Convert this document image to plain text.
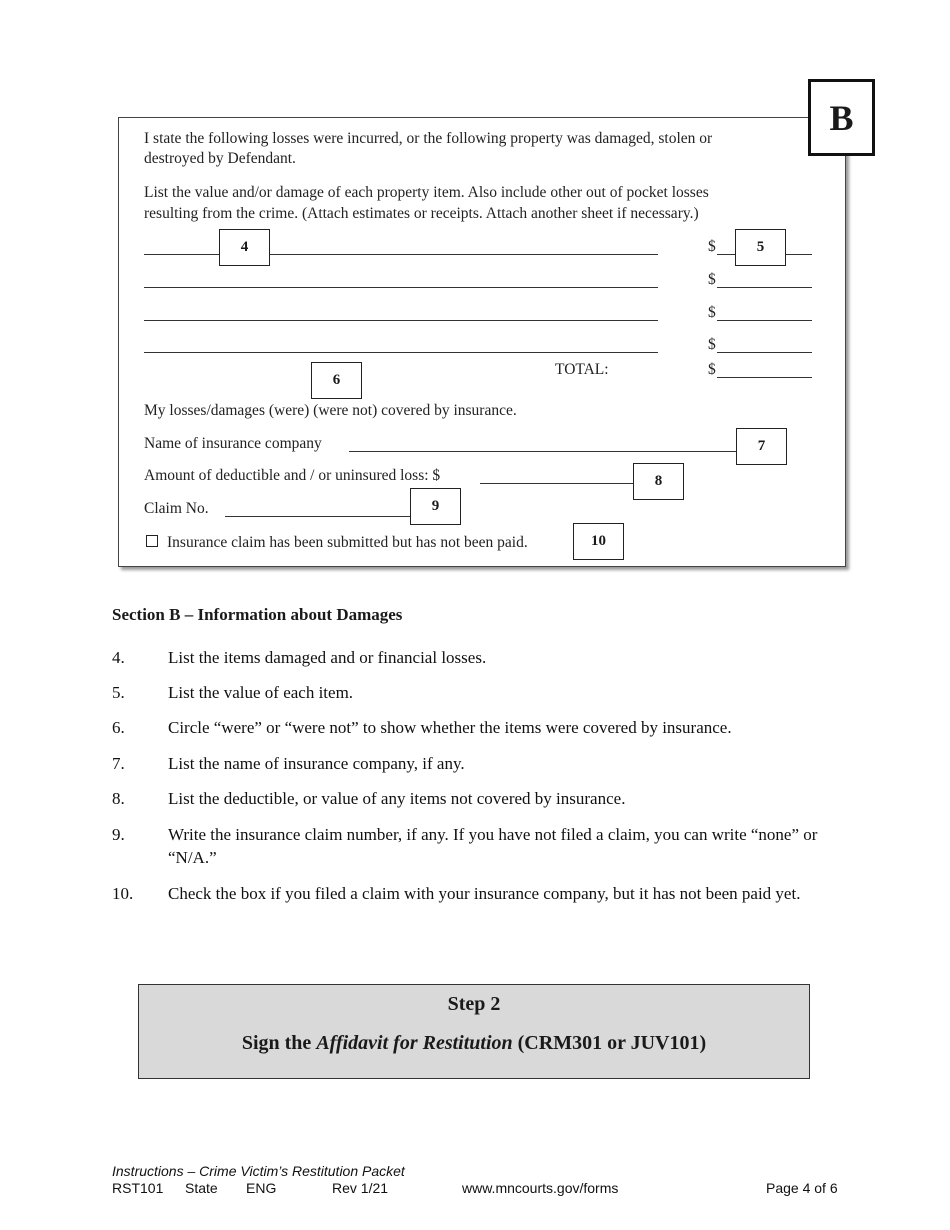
B
I state the following losses were incurred, or the following property was damaged, stolen or
destroyed by Defendant.
List the value and/or damage of each property item. Also include other out of pocket losses
resulting from the crime. (Attach estimates or receipts. Attach another sheet if necessary.)
$
$
$
$
TOTAL:	$
My losses/damages (were) (were not) covered by insurance.
Name of insurance company
Amount of deductible and / or uninsured loss: $
Claim No.
Insurance claim has been submitted but has not been paid.
4	5
6
7
8
9
10
Section B – Information about Damages
4.	List the items damaged and or financial losses.
5.	List the value of each item.
6.	Circle “were” or “were not” to show whether the items were covered by insurance.
7.	List the name of insurance company, if any.
8.	List the deductible, or value of any items not covered by insurance.
9.	Write the insurance claim number, if any. If you have not filed a claim, you can write “none” or “N/A.”
10.	Check the box if you filed a claim with your insurance company, but it has not been paid yet.
Step 2
Sign the Affidavit for Restitution (CRM301 or JUV101)
Instructions – Crime Victim’s Restitution Packet
RST101 State ENG	Rev 1/21	www.mncourts.gov/forms	Page 4 of 6
